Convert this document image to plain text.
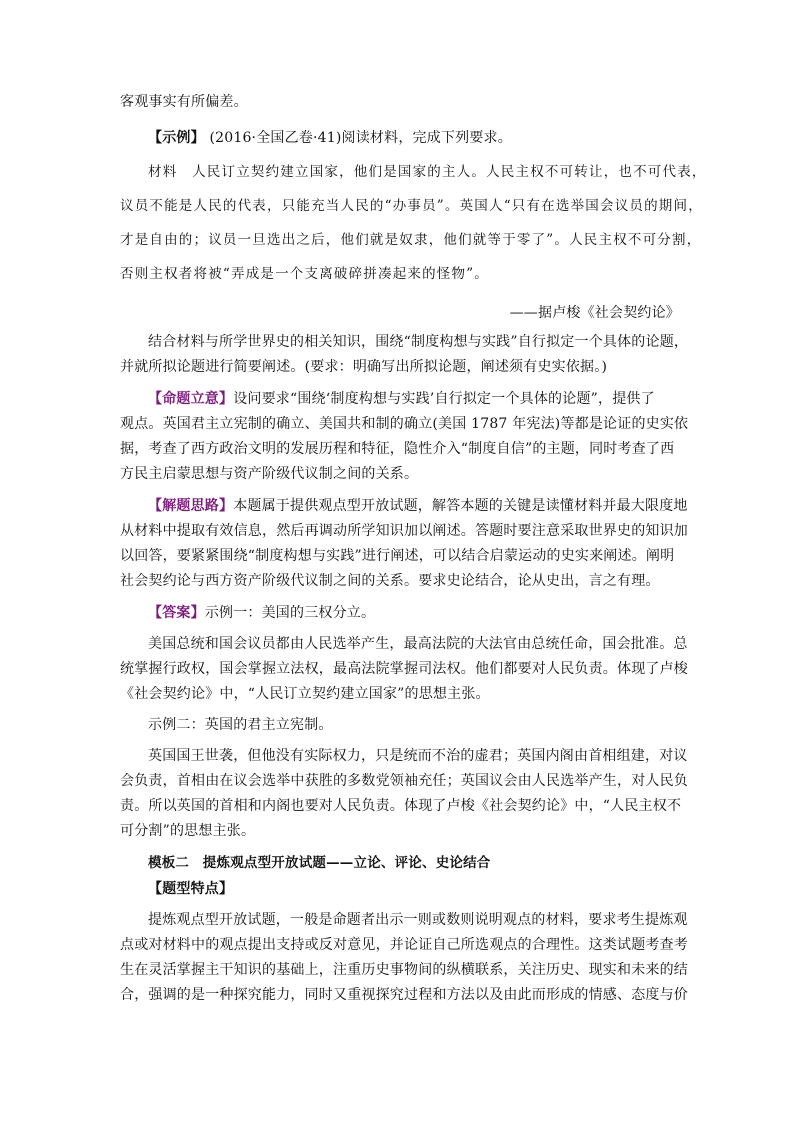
客观事实有所偏差。
【示例】 (2016·全国乙卷·41)阅读材料，完成下列要求。
材料　人民订立契约建立国家，他们是国家的主人。人民主权不可转让，也不可代表，
议员不能是人民的代表，只能充当人民的“办事员”。英国人“只有在选举国会议员的期间，
才是自由的；议员一旦选出之后，他们就是奴隶，他们就等于零了”。人民主权不可分割，
否则主权者将被“弄成是一个支离破碎拼凑起来的怪物”。
——据卢梭《社会契约论》
结合材料与所学世界史的相关知识，围绕“制度构想与实践”自行拟定一个具体的论题，
并就所拟论题进行简要阐述。(要求：明确写出所拟论题，阐述须有史实依据。)
【命题立意】设问要求“围绕‘制度构想与实践’自行拟定一个具体的论题”，提供了
观点。英国君主立宪制的确立、美国共和制的确立(美国 1787 年宪法)等都是论证的史实依
据，考查了西方政治文明的发展历程和特征，隐性介入“制度自信”的主题，同时考查了西
方民主启蒙思想与资产阶级代议制之间的关系。
【解题思路】本题属于提供观点型开放试题，解答本题的关键是读懂材料并最大限度地
从材料中提取有效信息，然后再调动所学知识加以阐述。答题时要注意采取世界史的知识加
以回答，要紧紧围绕“制度构想与实践”进行阐述，可以结合启蒙运动的史实来阐述。阐明
社会契约论与西方资产阶级代议制之间的关系。要求史论结合，论从史出，言之有理。
【答案】示例一：美国的三权分立。
美国总统和国会议员都由人民选举产生，最高法院的大法官由总统任命，国会批准。总
统掌握行政权，国会掌握立法权，最高法院掌握司法权。他们都要对人民负责。体现了卢梭
《社会契约论》中，“人民订立契约建立国家”的思想主张。
示例二：英国的君主立宪制。
英国国王世袭，但他没有实际权力，只是统而不治的虚君；英国内阁由首相组建，对议
会负责，首相由在议会选举中获胜的多数党领袖充任；英国议会由人民选举产生，对人民负
责。所以英国的首相和内阁也要对人民负责。体现了卢梭《社会契约论》中，“人民主权不
可分割”的思想主张。
模板二　提炼观点型开放试题——立论、评论、史论结合
【题型特点】
提炼观点型开放试题，一般是命题者出示一则或数则说明观点的材料，要求考生提炼观
点或对材料中的观点提出支持或反对意见，并论证自己所选观点的合理性。这类试题考查考
生在灵活掌握主干知识的基础上，注重历史事物间的纵横联系，关注历史、现实和未来的结
合，强调的是一种探究能力，同时又重视探究过程和方法以及由此而形成的情感、态度与价
